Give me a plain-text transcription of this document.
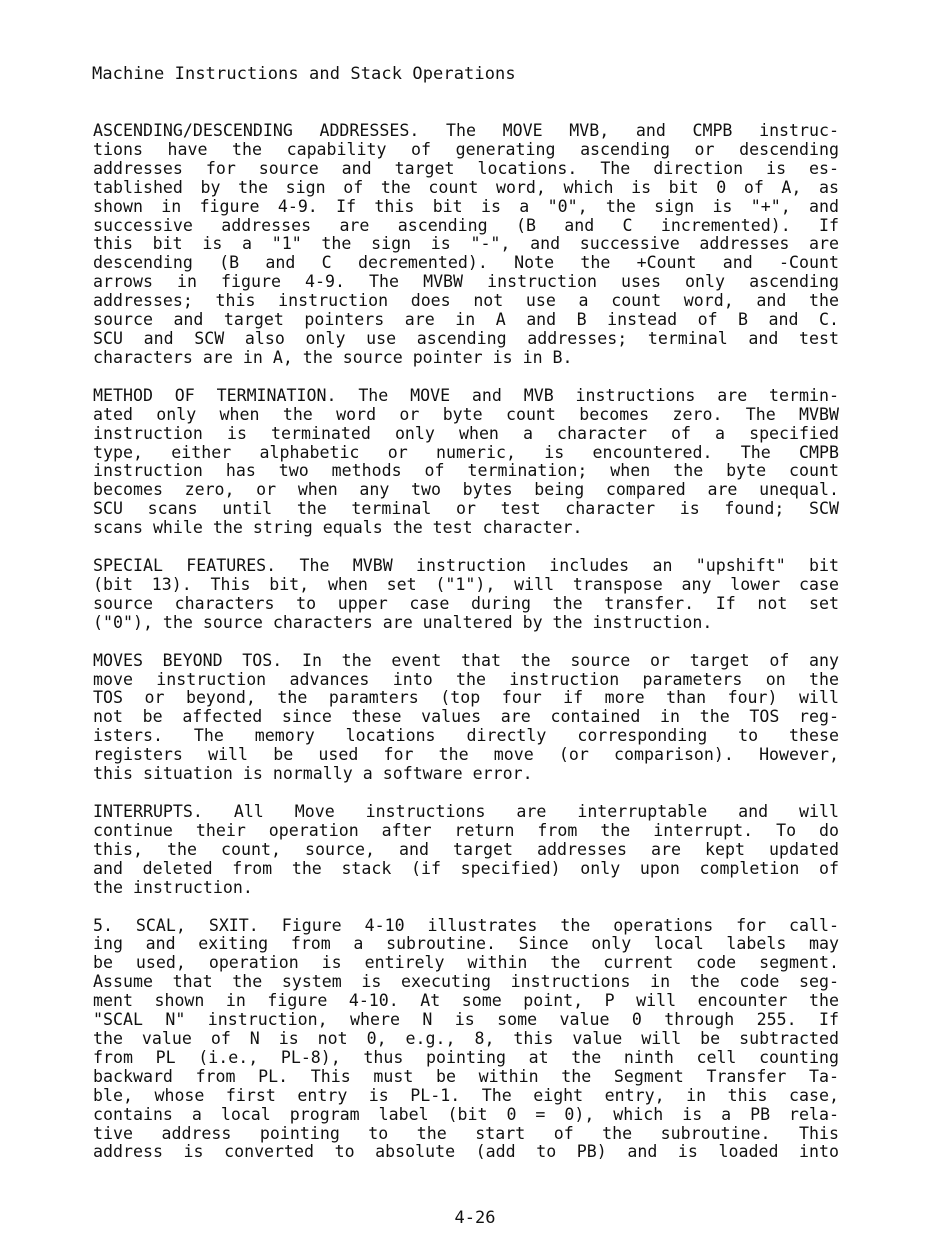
Machine Instructions and Stack Operations
ASCENDING/DESCENDING ADDRESSES. The MOVE MVB, and CMPB instruc-
tions have the capability of generating ascending or descending
addresses for source and target locations. The direction is es-
tablished by the sign of the count word, which is bit 0 of A, as
shown in figure 4-9. If this bit is a "0", the sign is "+", and
successive addresses are ascending (B and C incremented). If
this bit is a "1" the sign is "-", and successive addresses are
descending (B and C decremented). Note the +Count and -Count
arrows in figure 4-9. The MVBW instruction uses only ascending
addresses; this instruction does not use a count word, and the
source and target pointers are in A and B instead of B and C.
SCU and SCW also only use ascending addresses; terminal and test
characters are in A, the source pointer is in B.
METHOD OF TERMINATION. The MOVE and MVB instructions are termin-
ated only when the word or byte count becomes zero. The MVBW
instruction is terminated only when a character of a specified
type, either alphabetic or numeric, is encountered. The CMPB
instruction has two methods of termination; when the byte count
becomes zero, or when any two bytes being compared are unequal.
SCU scans until the terminal or test character is found; SCW
scans while the string equals the test character.
SPECIAL FEATURES. The MVBW instruction includes an "upshift" bit
(bit 13). This bit, when set ("1"), will transpose any lower case
source characters to upper case during the transfer. If not set
("0"), the source characters are unaltered by the instruction.
MOVES BEYOND TOS. In the event that the source or target of any
move instruction advances into the instruction parameters on the
TOS or beyond, the paramters (top four if more than four) will
not be affected since these values are contained in the TOS reg-
isters. The memory locations directly corresponding to these
registers will be used for the move (or comparison). However,
this situation is normally a software error.
INTERRUPTS. All Move instructions are interruptable and will
continue their operation after return from the interrupt. To do
this, the count, source, and target addresses are kept updated
and deleted from the stack (if specified) only upon completion of
the instruction.
5. SCAL, SXIT. Figure 4-10 illustrates the operations for call-
ing and exiting from a subroutine. Since only local labels may
be used, operation is entirely within the current code segment.
Assume that the system is executing instructions in the code seg-
ment shown in figure 4-10. At some point, P will encounter the
"SCAL N" instruction, where N is some value 0 through 255. If
the value of N is not 0, e.g., 8, this value will be subtracted
from PL (i.e., PL-8), thus pointing at the ninth cell counting
backward from PL. This must be within the Segment Transfer Ta-
ble, whose first entry is PL-1. The eight entry, in this case,
contains a local program label (bit 0 = 0), which is a PB rela-
tive address pointing to the start of the subroutine. This
address is converted to absolute (add to PB) and is loaded into
4-26
